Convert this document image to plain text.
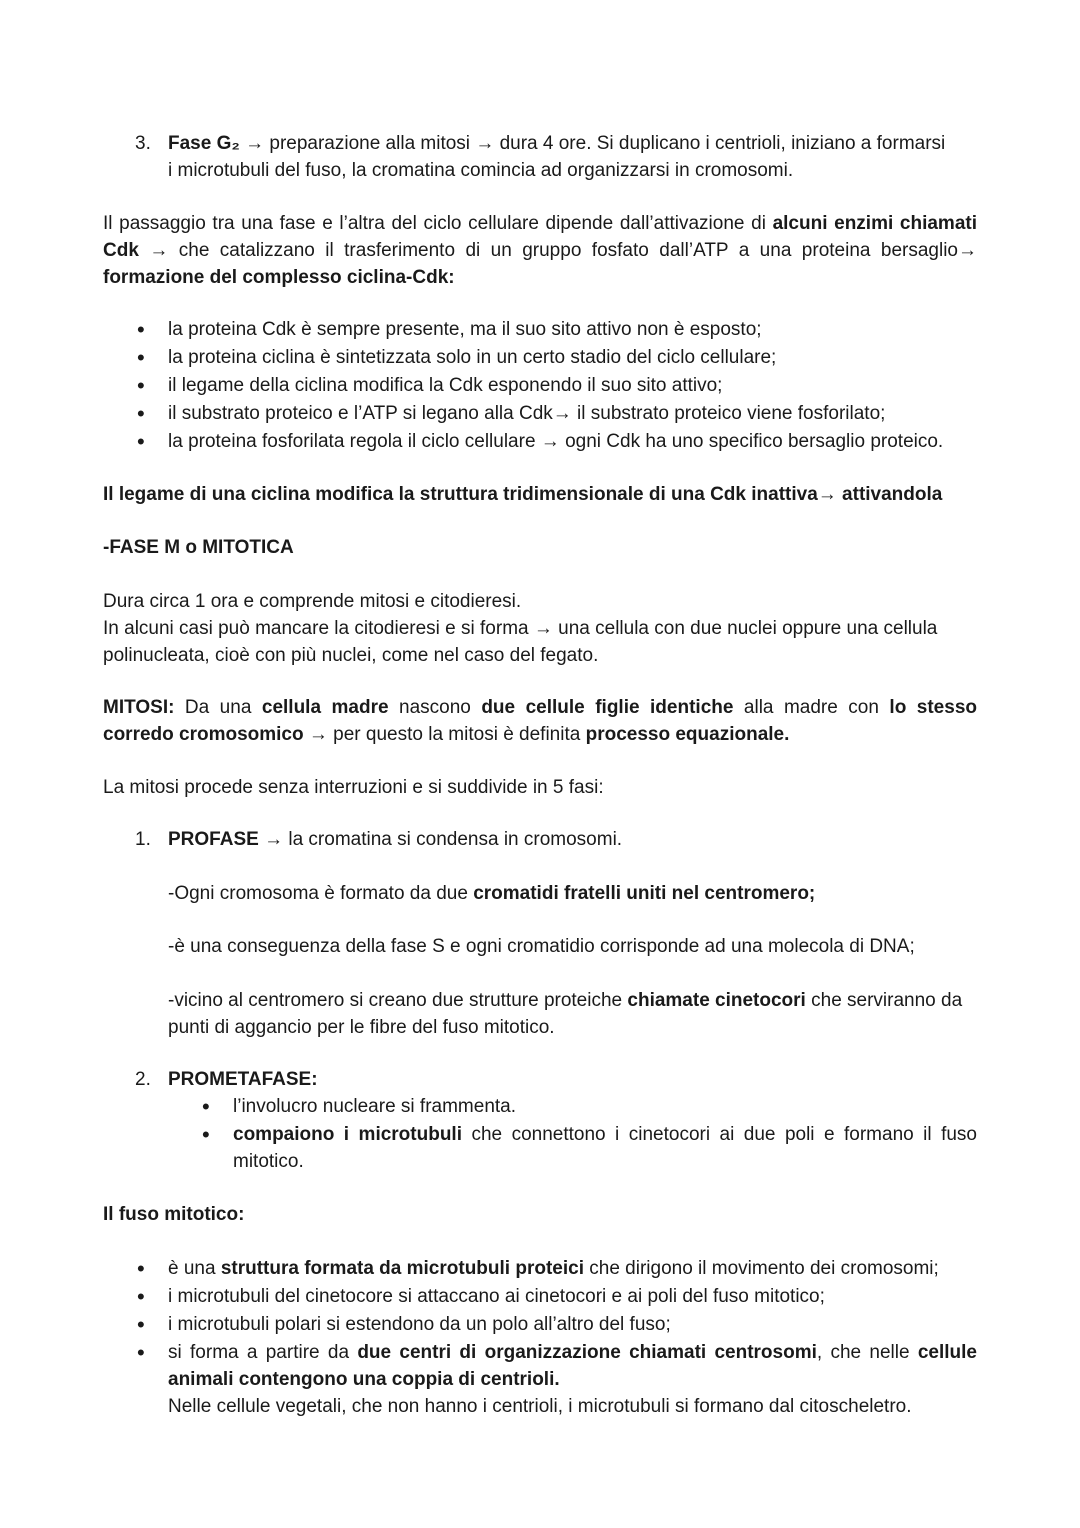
3. Fase G₂ → preparazione alla mitosi → dura 4 ore. Si duplicano i centrioli, iniziano a formarsi
i microtubuli del fuso, la cromatina comincia ad organizzarsi in cromosomi.

Il passaggio tra una fase e l’altra del ciclo cellulare dipende dall’attivazione di alcuni enzimi chiamati Cdk → che catalizzano il trasferimento di un gruppo fosfato dall’ATP a una proteina bersaglio→ formazione del complesso ciclina-Cdk:

• la proteina Cdk è sempre presente, ma il suo sito attivo non è esposto;

• la proteina ciclina è sintetizzata solo in un certo stadio del ciclo cellulare;

• il legame della ciclina modifica la Cdk esponendo il suo sito attivo;

• il substrato proteico e l’ATP si legano alla Cdk→ il substrato proteico viene fosforilato;

• la proteina fosforilata regola il ciclo cellulare → ogni Cdk ha uno specifico bersaglio proteico.

Il legame di una ciclina modifica la struttura tridimensionale di una Cdk inattiva→ attivandola

-FASE M o MITOTICA

Dura circa 1 ora e comprende mitosi e citodieresi.
In alcuni casi può mancare la citodieresi e si forma → una cellula con due nuclei oppure una cellula polinucleata, cioè con più nuclei, come nel caso del fegato.

MITOSI: Da una cellula madre nascono due cellule figlie identiche alla madre con lo stesso corredo cromosomico → per questo la mitosi è definita processo equazionale.

La mitosi procede senza interruzioni e si suddivide in 5 fasi:

1. PROFASE → la cromatina si condensa in cromosomi.

-Ogni cromosoma è formato da due cromatidi fratelli uniti nel centromero;

-è una conseguenza della fase S e ogni cromatidio corrisponde ad una molecola di DNA;

-vicino al centromero si creano due strutture proteiche chiamate cinetocori che serviranno da punti di aggancio per le fibre del fuso mitotico.

2. PROMETAFASE:

• l’involucro nucleare si frammenta.

• compaiono i microtubuli che connettono i cinetocori ai due poli e formano il fuso mitotico.

Il fuso mitotico:

• è una struttura formata da microtubuli proteici che dirigono il movimento dei cromosomi;

• i microtubuli del cinetocore si attaccano ai cinetocori e ai poli del fuso mitotico;

• i microtubuli polari si estendono da un polo all’altro del fuso;

• si forma a partire da due centri di organizzazione chiamati centrosomi, che nelle cellule animali contengono una coppia di centrioli.

Nelle cellule vegetali, che non hanno i centrioli, i microtubuli si formano dal citoscheletro.
